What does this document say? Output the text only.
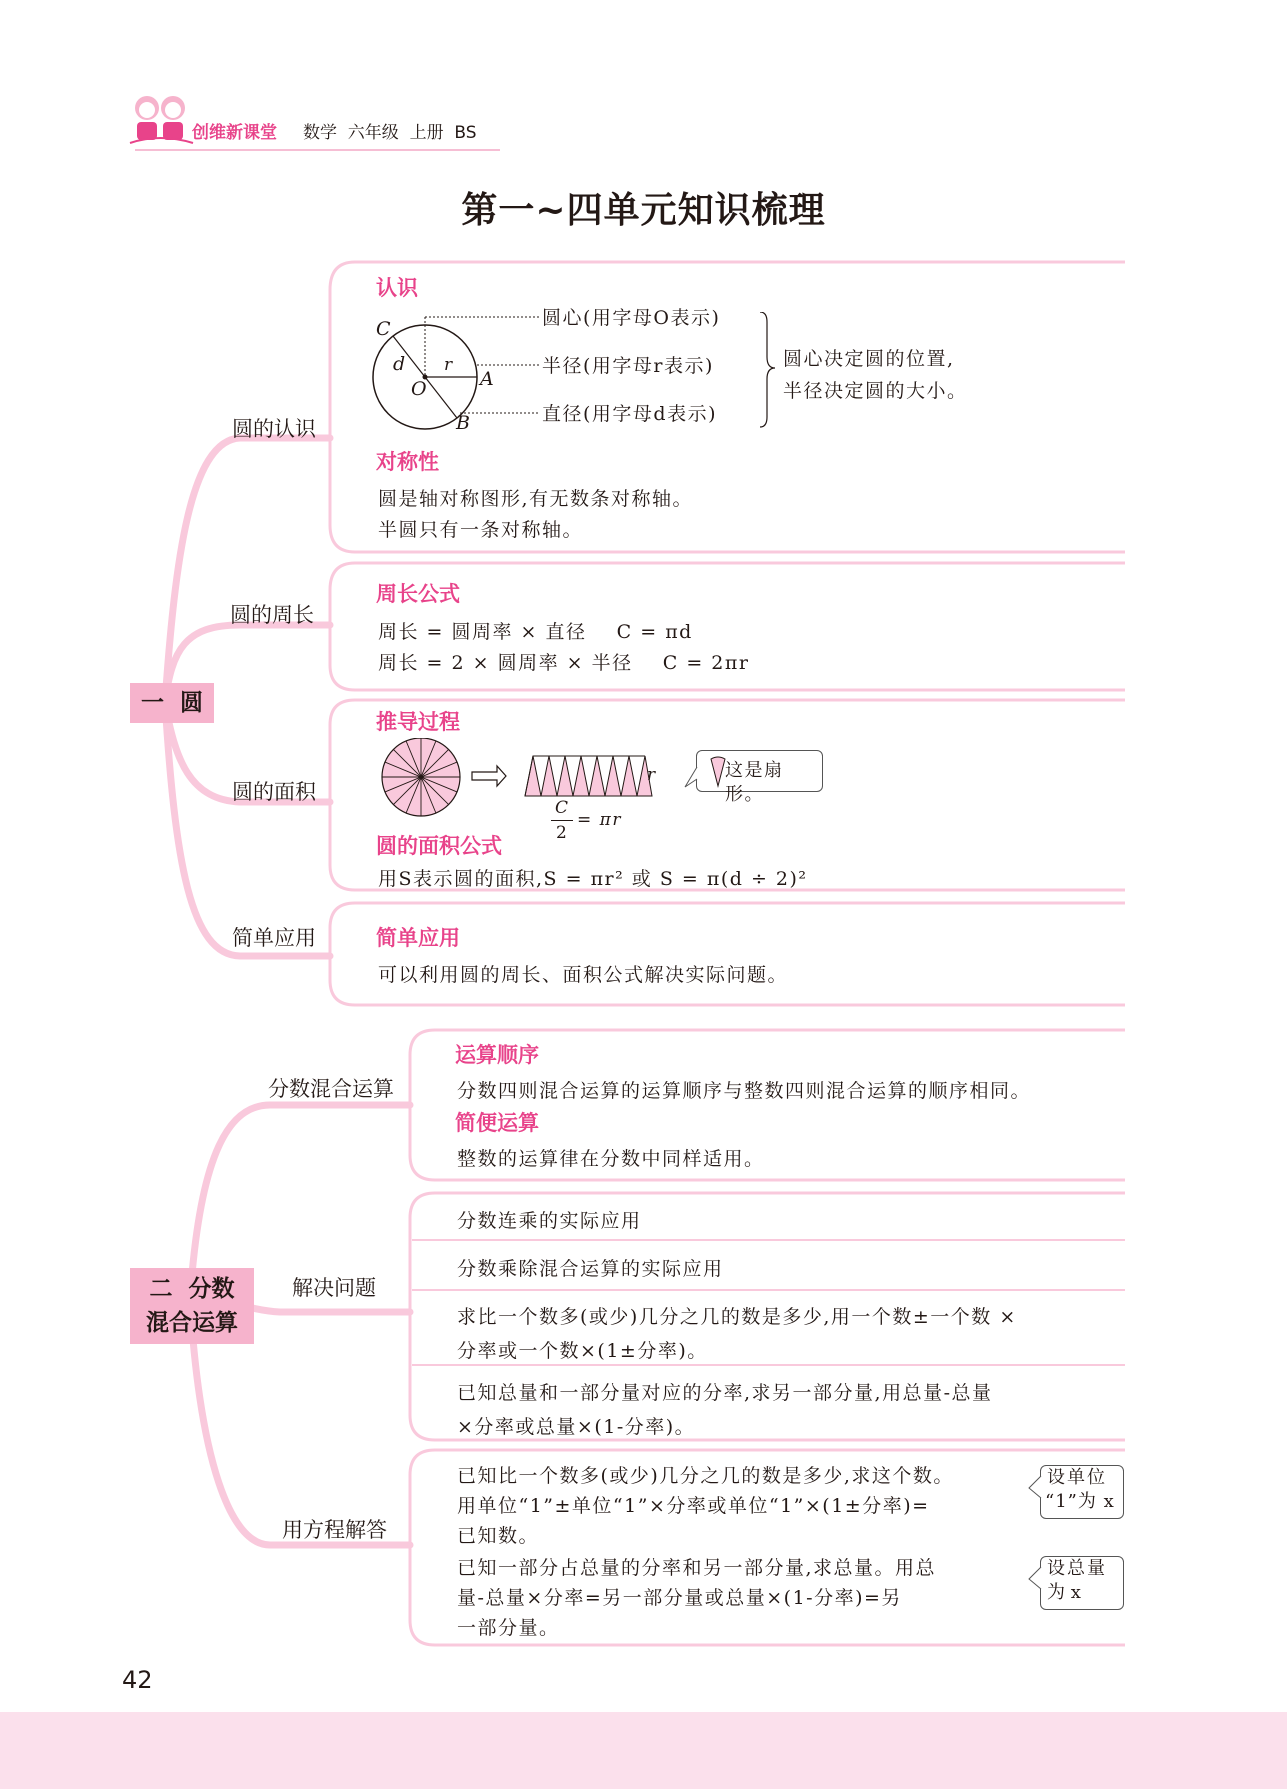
创维新课堂 数学  六年级  上册  BS
第一~四单元知识梳理
一  圆
圆的认识
圆的周长
圆的面积
简单应用
认识
C
d r
O	A
B
圆心(用字母O表示)
半径(用字母r表示)
直径(用字母d表示)
圆心决定圆的位置,
半径决定圆的大小。
对称性
圆是轴对称图形,有无数条对称轴。
半圆只有一条对称轴。
周长公式
周长 = 圆周率 × 直径    C = πd
周长 = 2 × 圆周率 × 半径    C = 2πr
推导过程
r
C
2
= πr
这是扇形。
圆的面积公式
用S表示圆的面积,S = πr² 或 S = π(d ÷ 2)²
简单应用
可以利用圆的周长、面积公式解决实际问题。
二  分数
混合运算
分数混合运算
解决问题
用方程解答
运算顺序
分数四则混合运算的运算顺序与整数四则混合运算的顺序相同。
简便运算
整数的运算律在分数中同样适用。
分数连乘的实际应用
分数乘除混合运算的实际应用
求比一个数多(或少)几分之几的数是多少,用一个数±一个数 ×
分率或一个数×(1±分率)。
已知总量和一部分量对应的分率,求另一部分量,用总量-总量
×分率或总量×(1-分率)。
已知比一个数多(或少)几分之几的数是多少,求这个数。
用单位“1”±单位“1”×分率或单位“1”×(1±分率)=
已知数。
设单位
“1”为 x
已知一部分占总量的分率和另一部分量,求总量。用总
量-总量×分率=另一部分量或总量×(1-分率)=另
一部分量。
设总量
为 x
42
